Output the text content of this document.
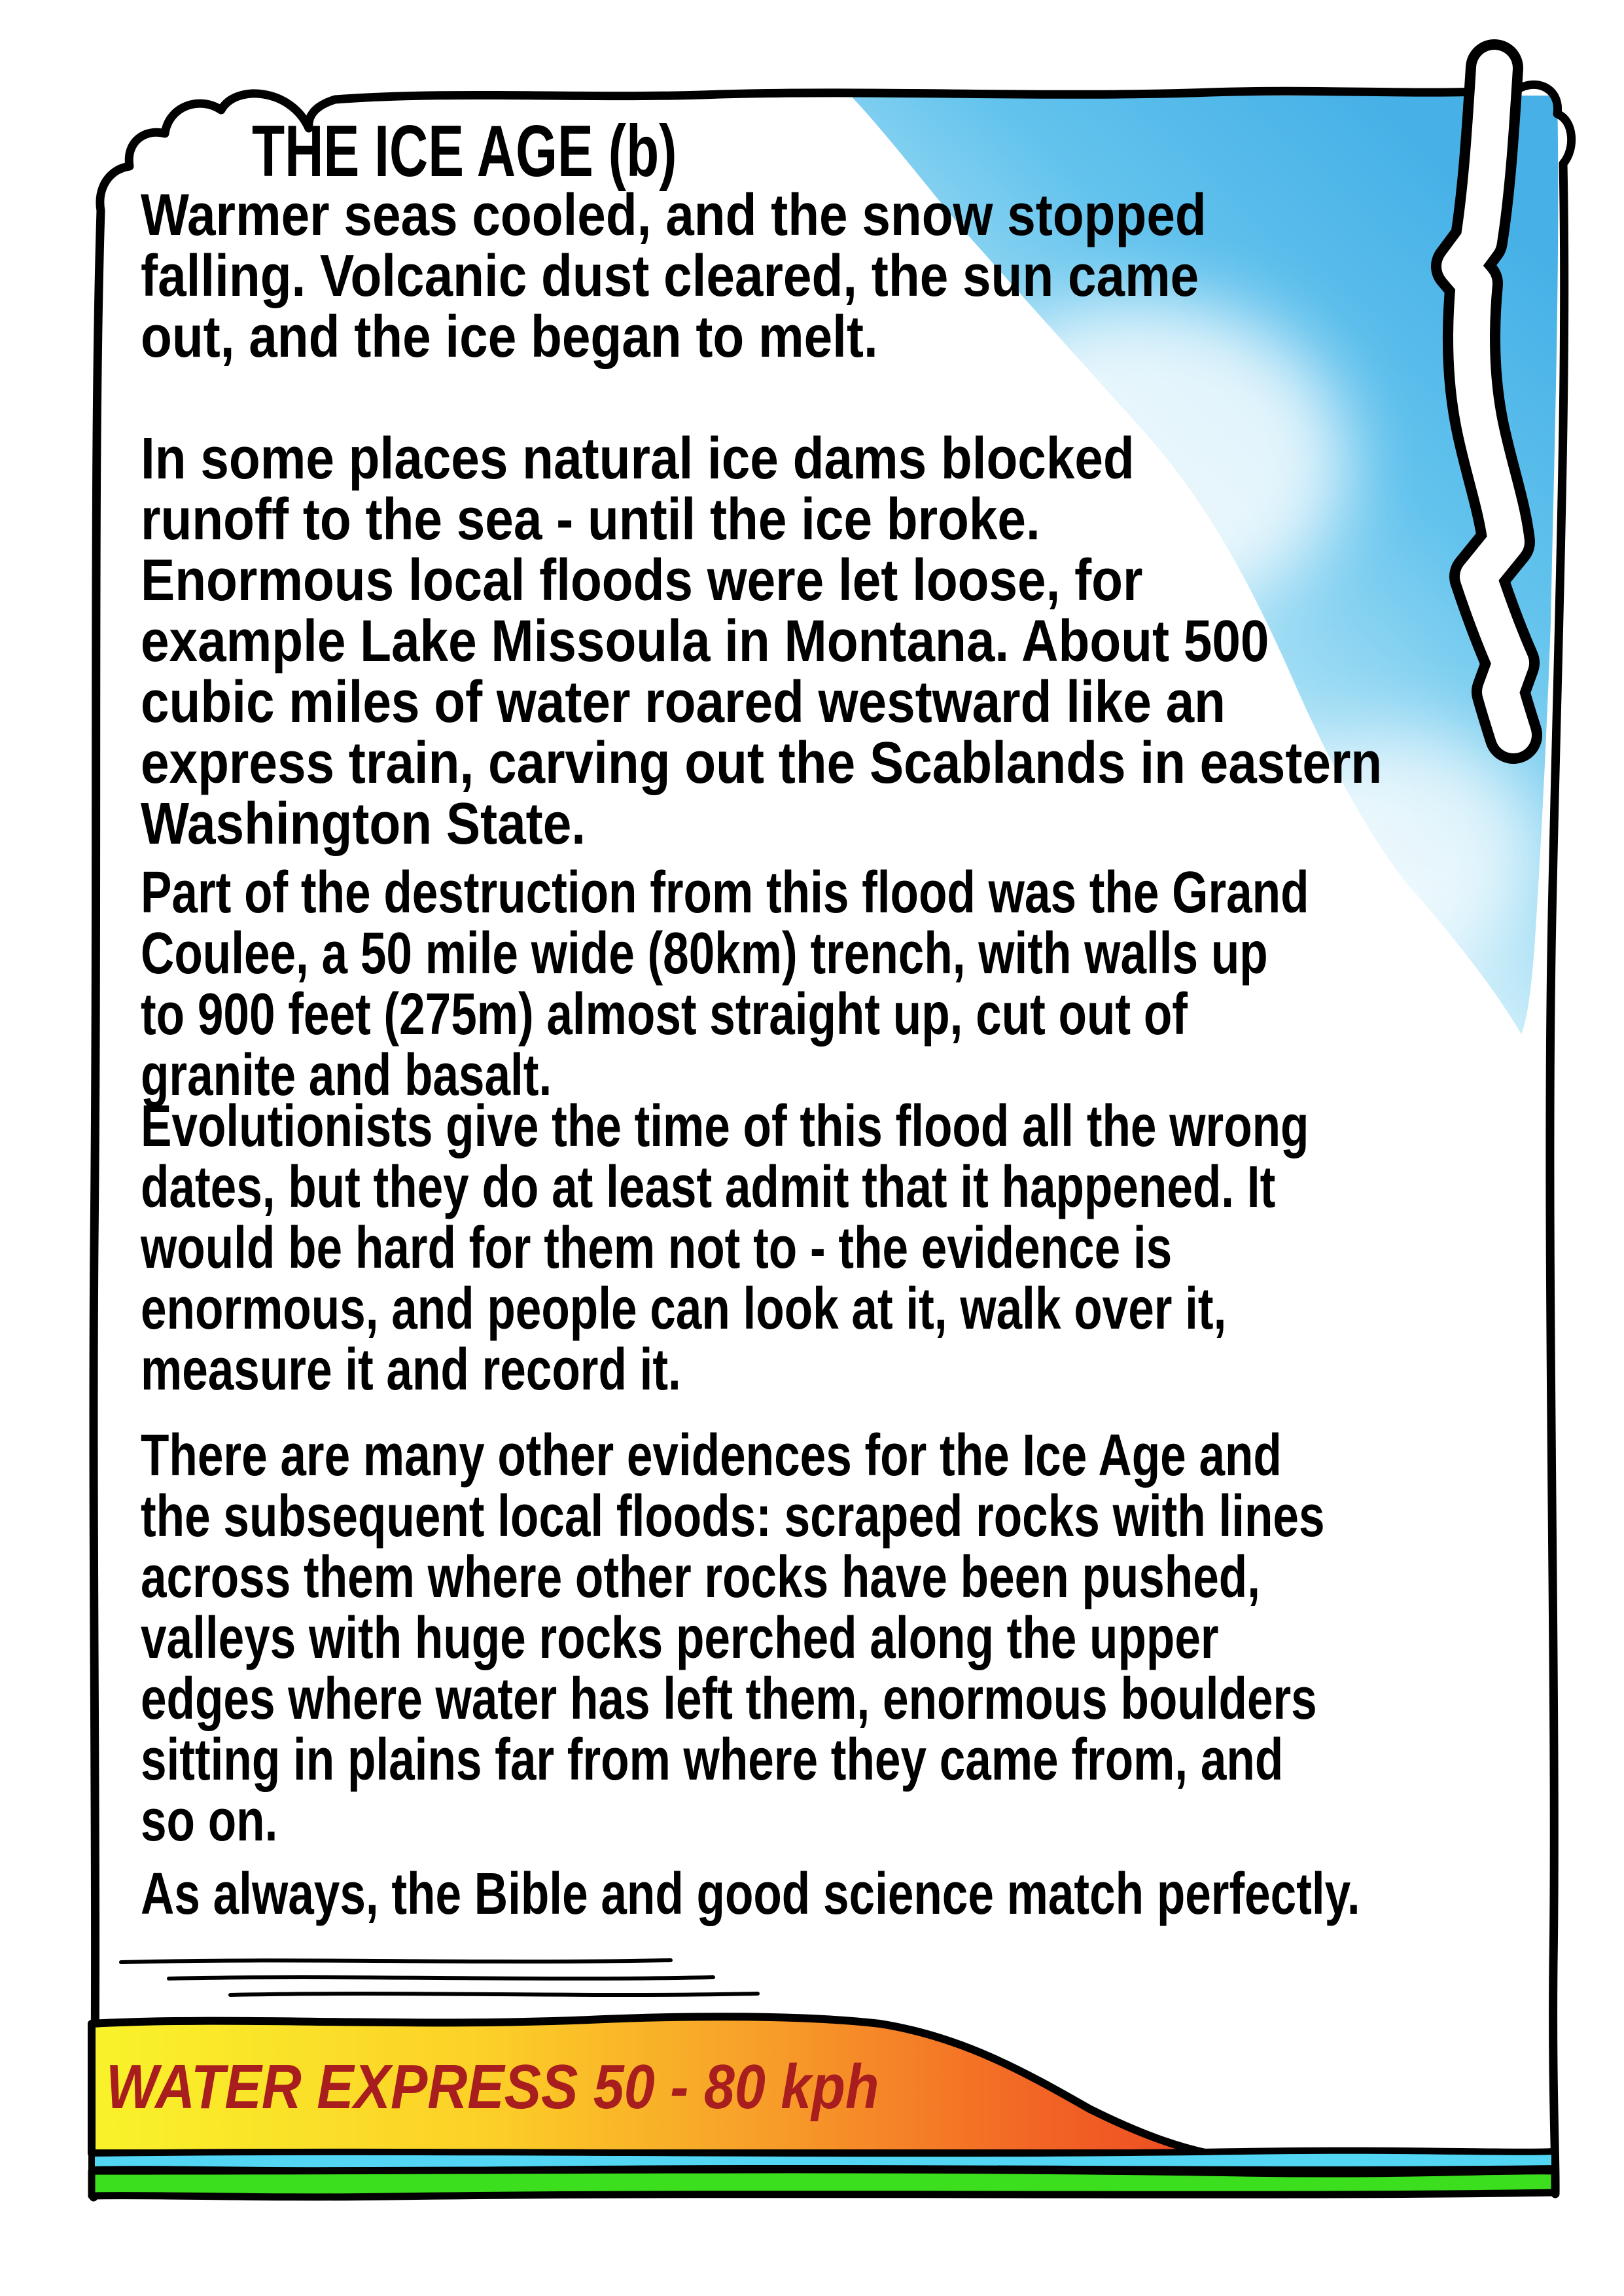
THE ICE AGE (b)
Warmer seas cooled, and the snow stopped
falling. Volcanic dust cleared, the sun came
out, and the ice began to melt.
In some places natural ice dams blocked
runoff to the sea - until the ice broke.
Enormous local floods were let loose, for
example Lake Missoula in Montana. About 500
cubic miles of water roared westward like an
express train, carving out the Scablands in eastern
Washington State.
Part of the destruction from this flood was the Grand
Coulee, a 50 mile wide (80km) trench, with walls up
to 900 feet (275m) almost straight up, cut out of
granite and basalt.
Evolutionists give the time of this flood all the wrong
dates, but they do at least admit that it happened. It
would be hard for them not to - the evidence is
enormous, and people can look at it, walk over it,
measure it and record it.
There are many other evidences for the Ice Age and
the subsequent local floods: scraped rocks with lines
across them where other rocks have been pushed,
valleys with huge rocks perched along the upper
edges where water has left them, enormous boulders
sitting in plains far from where they came from, and
so on.
As always, the Bible and good science match perfectly.
WATER EXPRESS 50 - 80 kph
